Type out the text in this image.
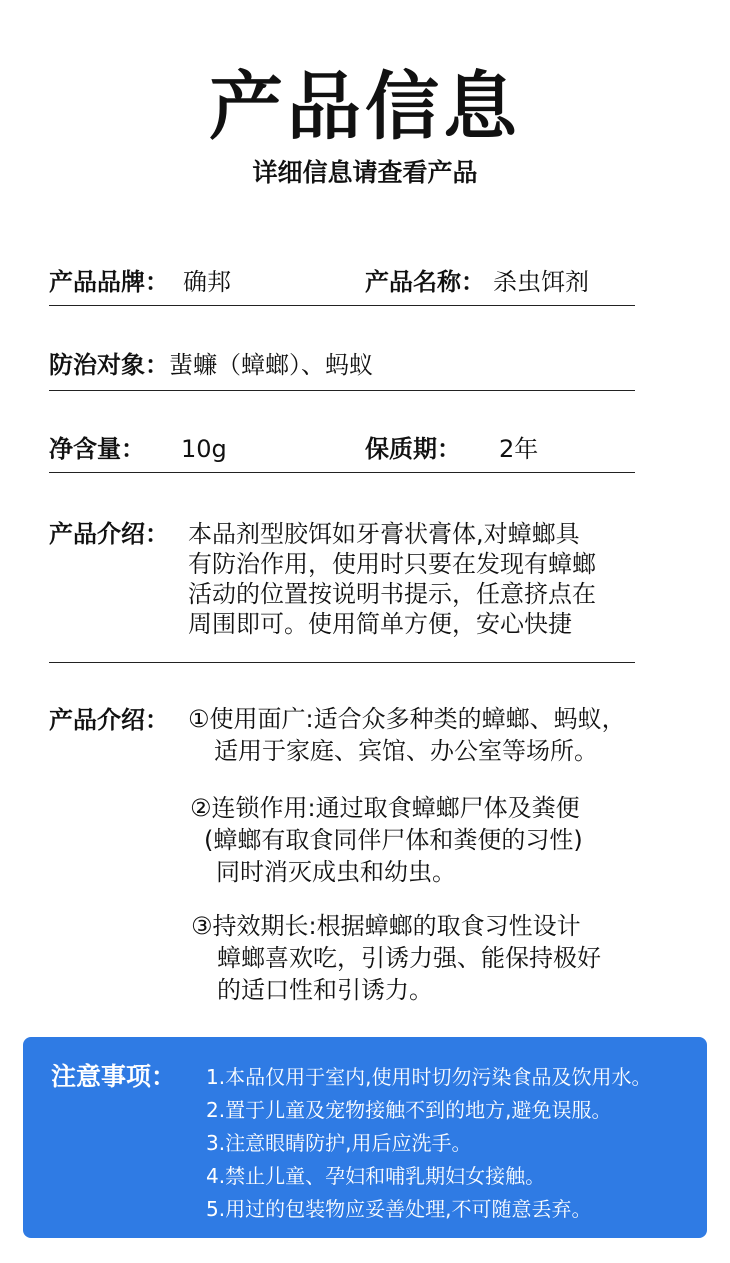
产品信息
详细信息请查看产品
产品品牌： 确邦	产品名称： 杀虫饵剂
防治对象：蜚蠊（蟑螂）、蚂蚁
净含量： 10g	保质期： 2年
产品介绍： 本品剂型胶饵如牙膏状膏体,对蟑螂具
有防治作用，使用时只要在发现有蟑螂
活动的位置按说明书提示，任意挤点在
周围即可。使用简单方便，安心快捷
产品介绍： ①使用面广:适合众多种类的蟑螂、蚂蚁，
适用于家庭、宾馆、办公室等场所。
②连锁作用:通过取食蟑螂尸体及粪便
(蟑螂有取食同伴尸体和粪便的习性)
同时消灭成虫和幼虫。
③持效期长:根据蟑螂的取食习性设计
蟑螂喜欢吃，引诱力强、能保持极好
的适口性和引诱力。
注意事项： 1.本品仅用于室内,使用时切勿污染食品及饮用水。
2.置于儿童及宠物接触不到的地方,避免误服。
3.注意眼睛防护,用后应洗手。
4.禁止儿童、孕妇和哺乳期妇女接触。
5.用过的包装物应妥善处理,不可随意丢弃。
